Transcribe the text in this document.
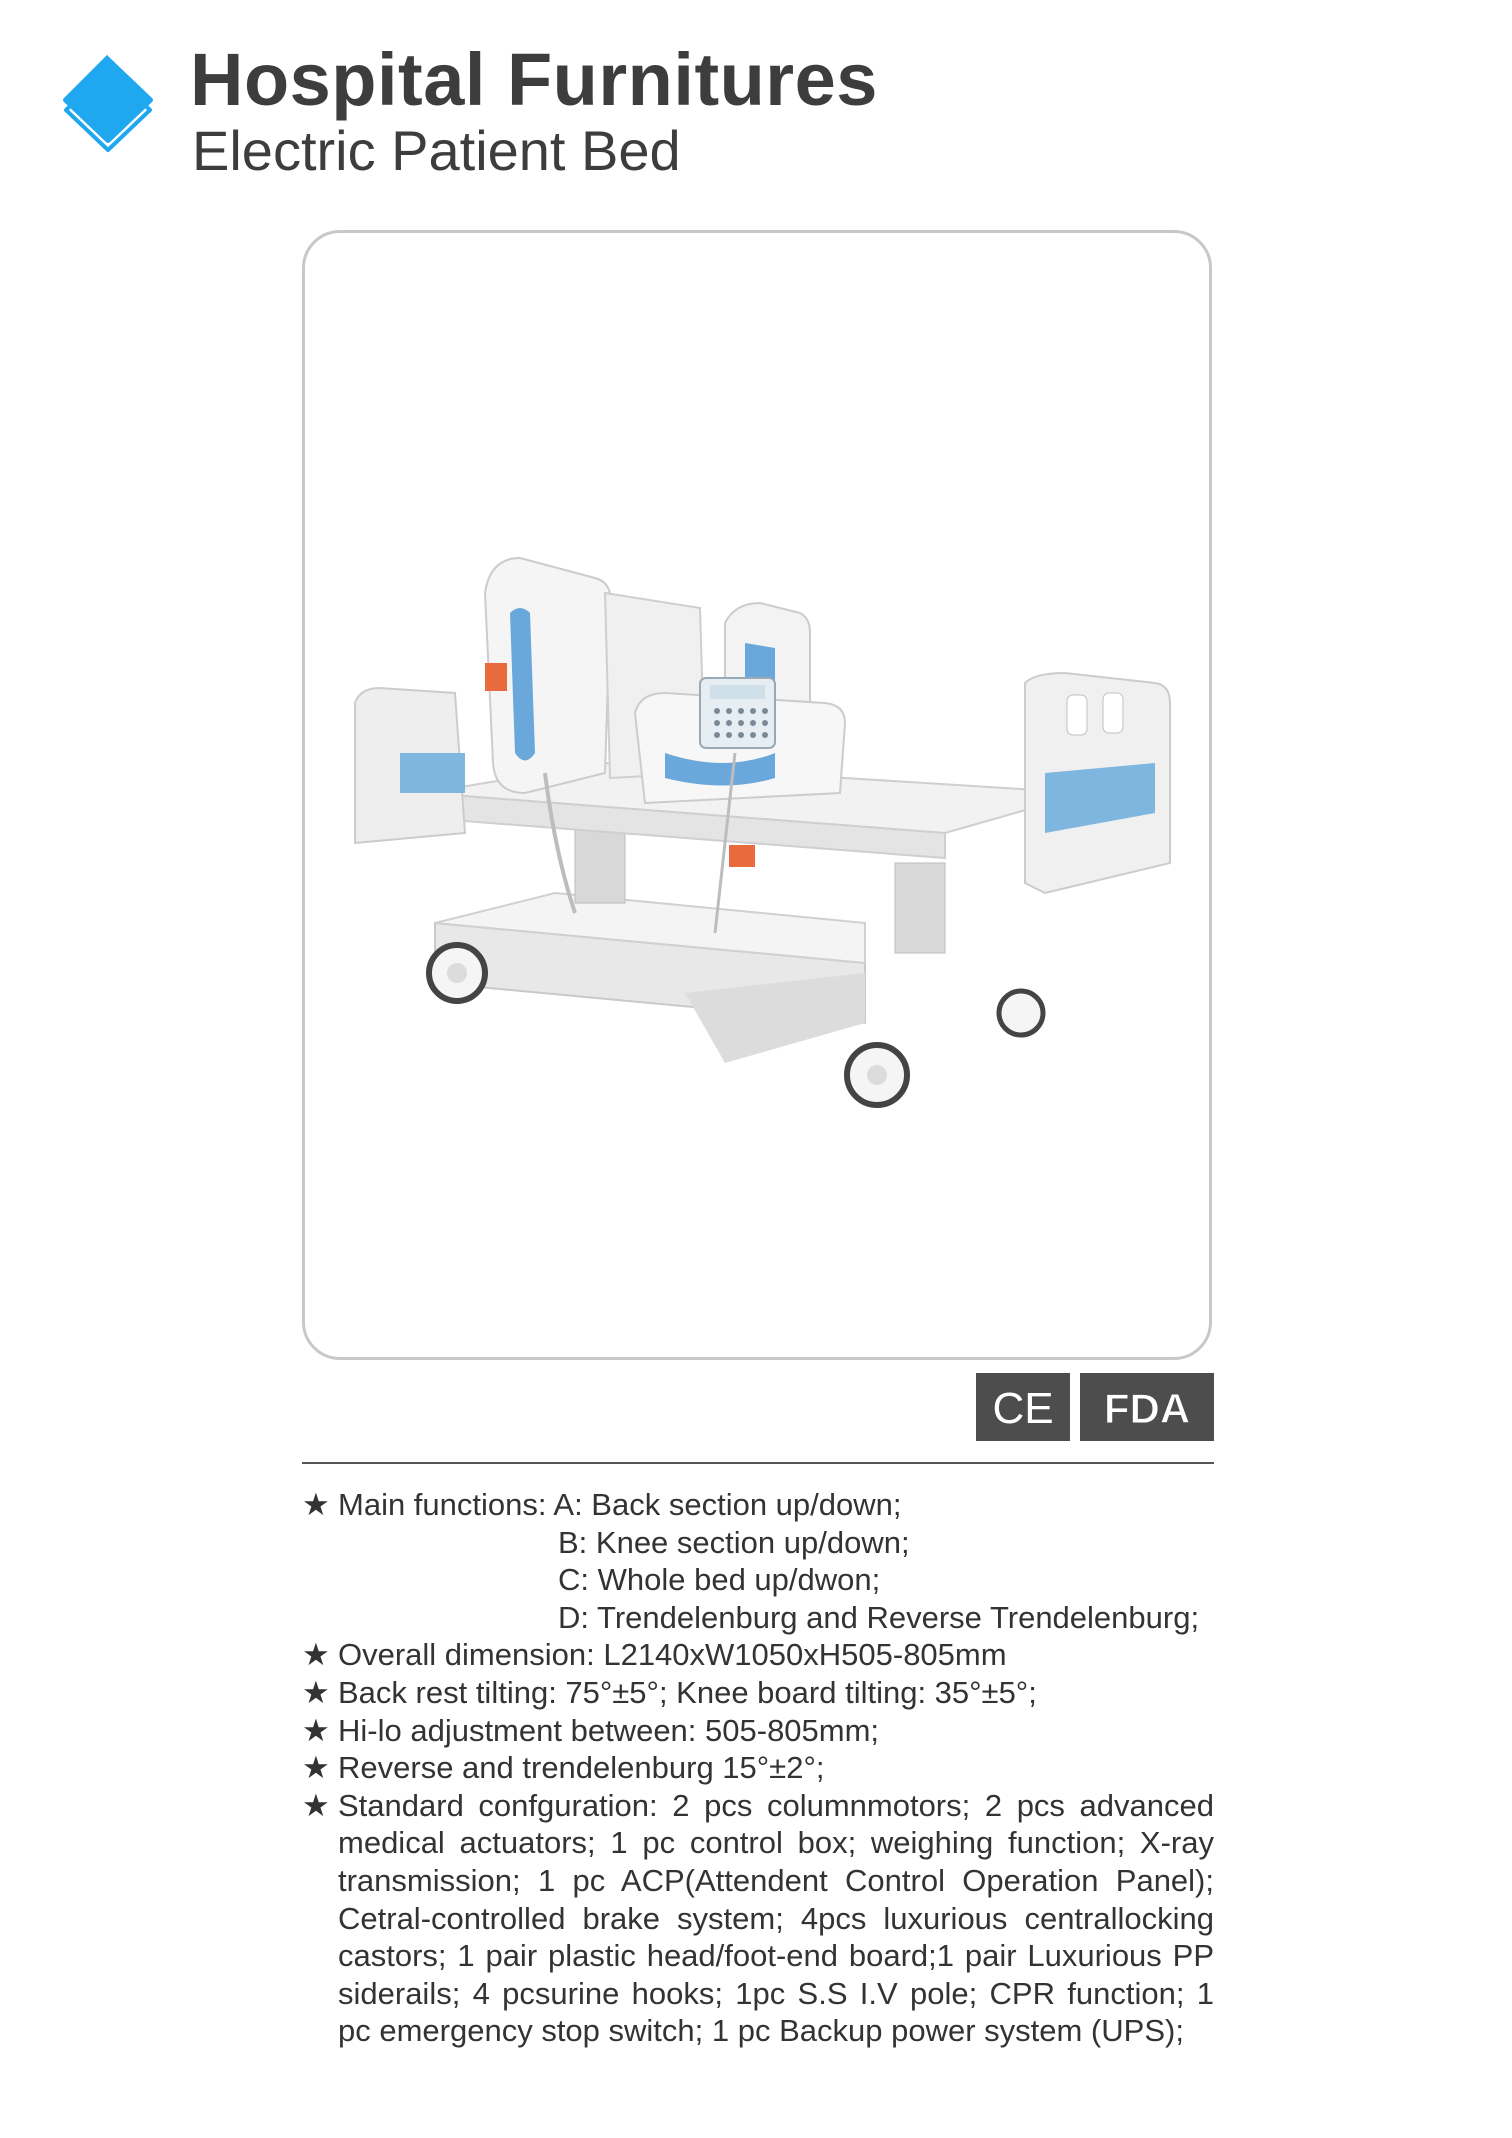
Hospital Furnitures
Electric Patient Bed
CE FDA
★ Main functions: A: Back section up/down;
B: Knee section up/down;
C: Whole bed up/dwon;
D: Trendelenburg and Reverse Trendelenburg;
★ Overall dimension: L2140xW1050xH505-805mm
★ Back rest tilting: 75°±5°; Knee board tilting: 35°±5°;
★ Hi-lo adjustment between: 505-805mm;
★ Reverse and trendelenburg 15°±2°;
★ Standard confguration: 2 pcs columnmotors; 2 pcs advanced medical actuators; 1 pc control box; weighing function; X-ray transmission; 1 pc ACP(Attendent Control Operation Panel); Cetral-controlled brake system; 4pcs luxurious centrallocking castors; 1 pair plastic head/foot-end board;1 pair Luxurious PP siderails; 4 pcsurine hooks; 1pc S.S I.V pole; CPR function; 1 pc emergency stop switch; 1 pc Backup power system (UPS);
